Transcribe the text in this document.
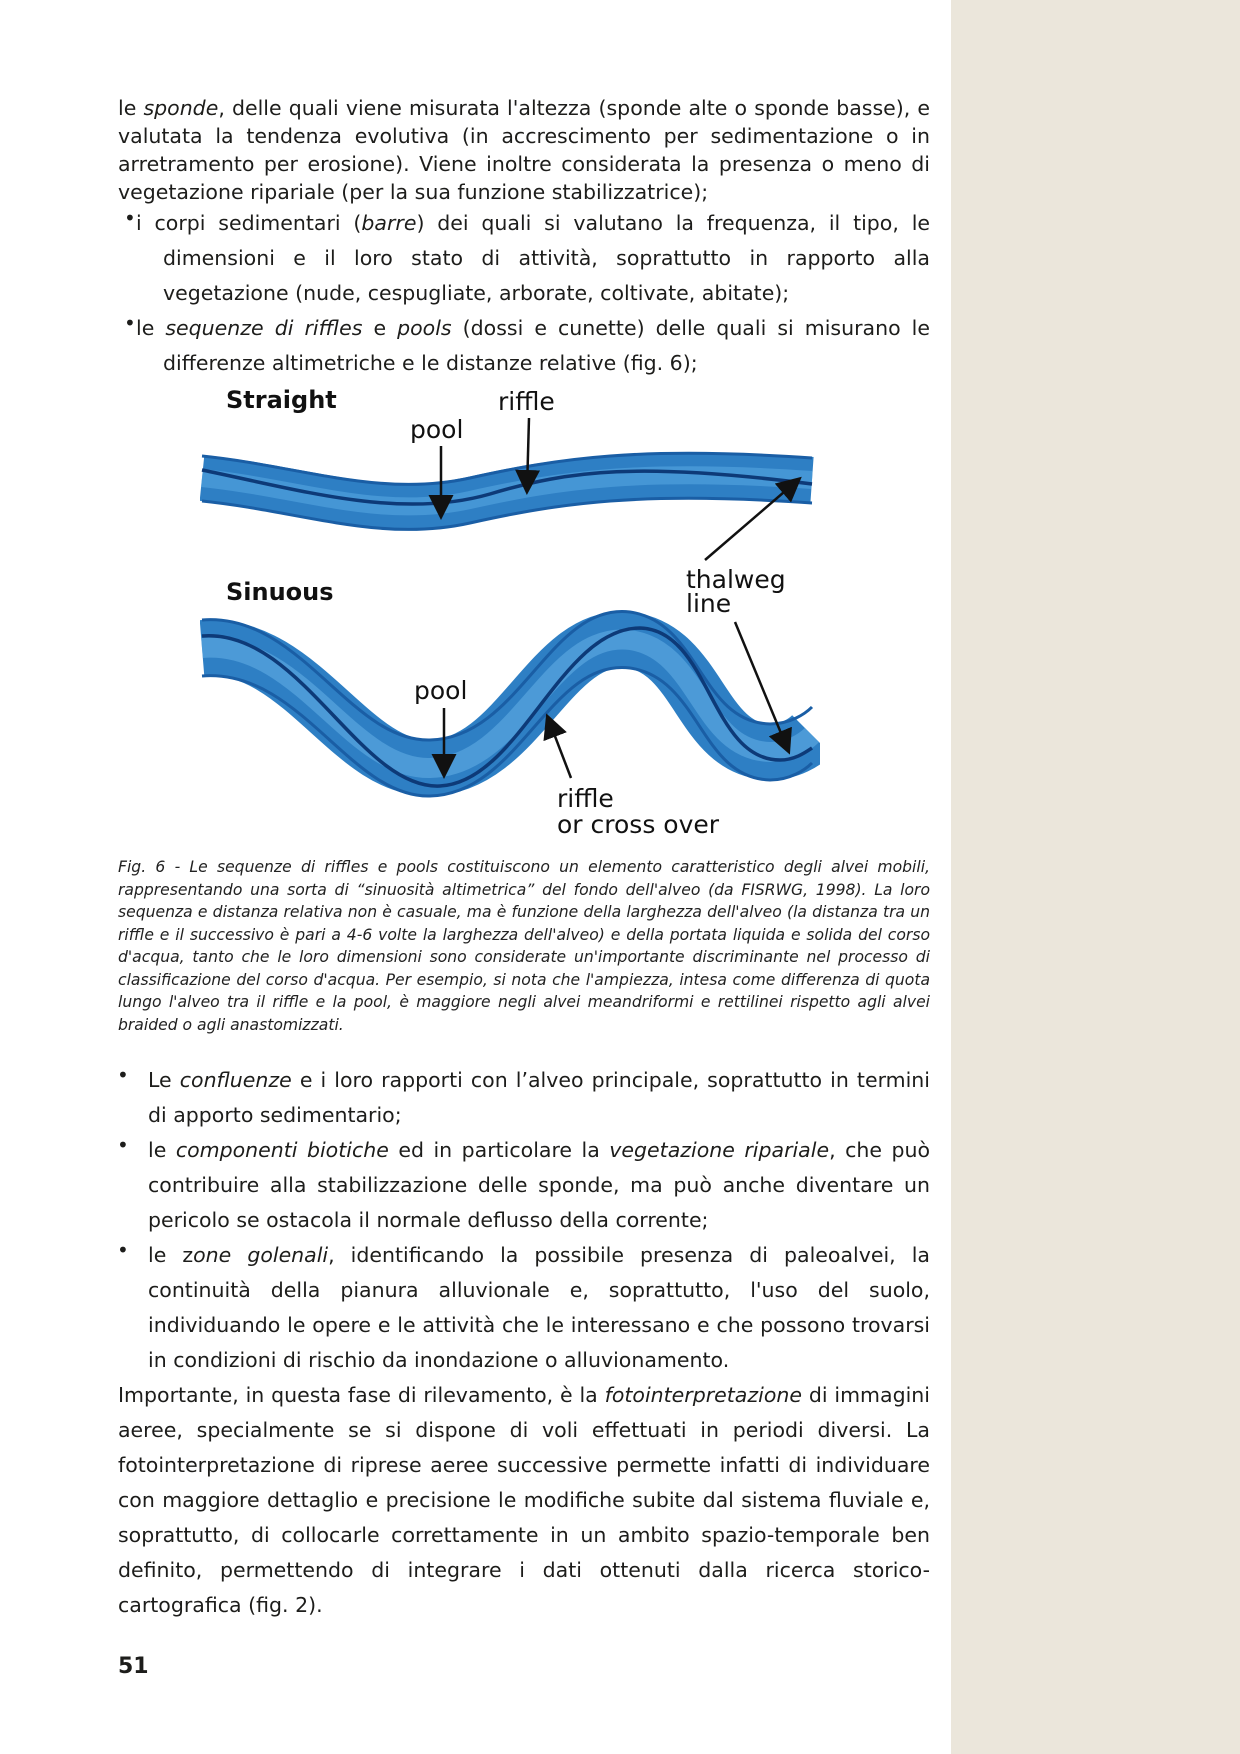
le sponde, delle quali viene misurata l'altezza (sponde alte o sponde basse), e valutata la tendenza evolutiva (in accrescimento per sedimentazione o in arretramento per erosione). Viene inoltre considerata la presenza o meno di vegetazione ripariale (per la sua funzione stabilizzatrice);

• i corpi sedimentari (barre) dei quali si valutano la frequenza, il tipo, le dimensioni e il loro stato di attività, soprattutto in rapporto alla vegetazione (nude, cespugliate, arborate, coltivate, abitate);

• le sequenze di riffles e pools (dossi e cunette) delle quali si misurano le differenze altimetriche e le distanze relative (fig. 6);

Straight	riffle
pool
Sinuous	thalweg
line
pool
riffle
or cross over

Fig. 6 - Le sequenze di riffles e pools costituiscono un elemento caratteristico degli alvei mobili, rappresentando una sorta di “sinuosità altimetrica” del fondo dell'alveo (da FISRWG, 1998). La loro sequenza e distanza relativa non è casuale, ma è funzione della larghezza dell'alveo (la distanza tra un riffle e il successivo è pari a 4-6 volte la larghezza dell'alveo) e della portata liquida e solida del corso d'acqua, tanto che le loro dimensioni sono considerate un'importante discriminante nel processo di classificazione del corso d'acqua. Per esempio, si nota che l'ampiezza, intesa come differenza di quota lungo l'alveo tra il riffle e la pool, è maggiore negli alvei meandriformi e rettilinei rispetto agli alvei braided o agli anastomizzati.

• Le confluenze e i loro rapporti con l’alveo principale, soprattutto in termini di apporto sedimentario;

• le componenti biotiche ed in particolare la vegetazione ripariale, che può contribuire alla stabilizzazione delle sponde, ma può anche diventare un pericolo se ostacola il normale deflusso della corrente;

• le zone golenali, identificando la possibile presenza di paleoalvei, la continuità della pianura alluvionale e, soprattutto, l'uso del suolo, individuando le opere e le attività che le interessano e che possono trovarsi in condizioni di rischio da inondazione o alluvionamento.

Importante, in questa fase di rilevamento, è la fotointerpretazione di immagini aeree, specialmente se si dispone di voli effettuati in periodi diversi. La fotointerpretazione di riprese aeree successive permette infatti di individuare con maggiore dettaglio e precisione le modifiche subite dal sistema fluviale e, soprattutto, di collocarle correttamente in un ambito spazio-temporale ben definito, permettendo di integrare i dati ottenuti dalla ricerca storico-cartografica (fig. 2).

51
